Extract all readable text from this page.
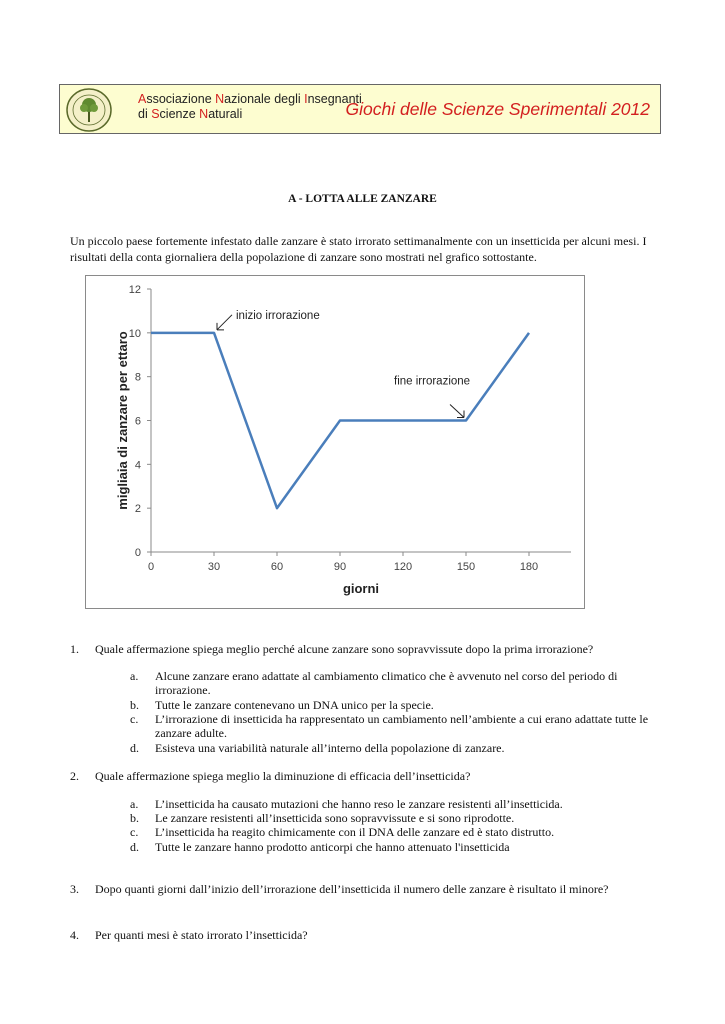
Associazione Nazionale degli Insegnanti
di Scienze Naturali	Giochi delle Scienze Sperimentali 2012
A - LOTTA ALLE ZANZARE
Un piccolo paese fortemente infestato dalle zanzare è stato irrorato settimanalmente con un insetticida per alcuni mesi. I risultati della conta giornaliera della popolazione di zanzare sono mostrati nel grafico sottostante.
0
2
4
6
8
10
12
0	30	60	90	120	150	180
giorni
migliaia di zanzare per ettaro
inizio irrorazione
fine irrorazione
1. Quale affermazione spiega meglio perché alcune zanzare sono sopravvissute dopo la prima irrorazione?
a. Alcune zanzare erano adattate al cambiamento climatico che è avvenuto nel corso del periodo di irrorazione.
b. Tutte le zanzare contenevano un DNA unico per la specie.
c. L’irrorazione di insetticida ha rappresentato un cambiamento nell’ambiente a cui erano adattate tutte le zanzare adulte.
d. Esisteva una variabilità naturale all’interno della popolazione di zanzare.
2. Quale affermazione spiega meglio la diminuzione di efficacia dell’insetticida?
a. L’insetticida ha causato mutazioni che hanno reso le zanzare resistenti all’insetticida.
b. Le zanzare resistenti all’insetticida sono sopravvissute e si sono riprodotte.
c. L’insetticida ha reagito chimicamente con il DNA delle zanzare ed è stato distrutto.
d. Tutte le zanzare hanno prodotto anticorpi che hanno attenuato l'insetticida
3. Dopo quanti giorni dall’inizio dell’irrorazione dell’insetticida il numero delle zanzare è risultato il minore?
4. Per quanti mesi è stato irrorato l’insetticida?
